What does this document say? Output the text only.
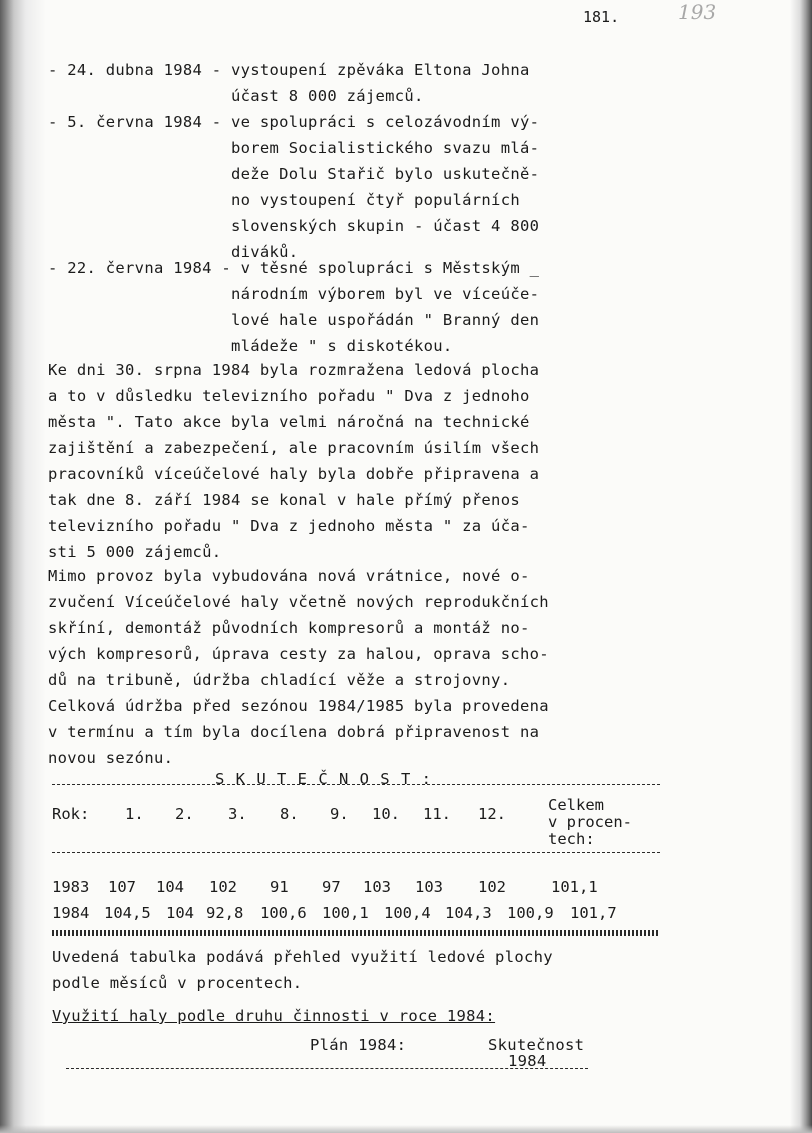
181.	193
- 24. dubna 1984 - vystoupení zpěváka Eltona Johna
účast 8 000 zájemců.
- 5. června 1984 - ve spolupráci s celozávodním vý-
borem Socialistického svazu mlá-
deže Dolu Stařič bylo uskutečně-
no vystoupení čtyř populárních
slovenských skupin - účast 4 800
diváků.
- 22. června 1984 - v těsné spolupráci s Městským _
národním výborem byl ve víceúče-
lové hale uspořádán " Branný den
mládeže " s diskotékou.
Ke dni 30. srpna 1984 byla rozmražena ledová plocha
a to v důsledku televizního pořadu " Dva z jednoho
města ". Tato akce byla velmi náročná na technické
zajištění a zabezpečení, ale pracovním úsilím všech
pracovníků víceúčelové haly byla dobře připravena a
tak dne 8. září 1984 se konal v hale přímý přenos
televizního pořadu " Dva z jednoho města " za úča-
sti 5 000 zájemců.
Mimo provoz byla vybudována nová vrátnice, nové o-
zvučení Víceúčelové haly včetně nových reprodukčních
skříní, demontáž původních kompresorů a montáž no-
vých kompresorů, úprava cesty za halou, oprava scho-
dů na tribuně, údržba chladící věže a strojovny.
Celková údržba před sezónou 1984/1985 byla provedena
v termínu a tím byla docílena dobrá připravenost na
novou sezónu.
S K U T E Č N O S T :
Rok: 1. 2. 3. 8. 9. 10. 11. 12.	Celkem
v procen-
tech:
1983 107 104 102 91 97 103 103 102	101,1
1984 104,5 104 92,8 100,6 100,1 100,4 104,3 100,9 101,7
Uvedená tabulka podává přehled využití ledové plochy
podle měsíců v procentech.
Využití haly podle druhu činnosti v roce 1984:
Plán 1984:	Skutečnost
1984
